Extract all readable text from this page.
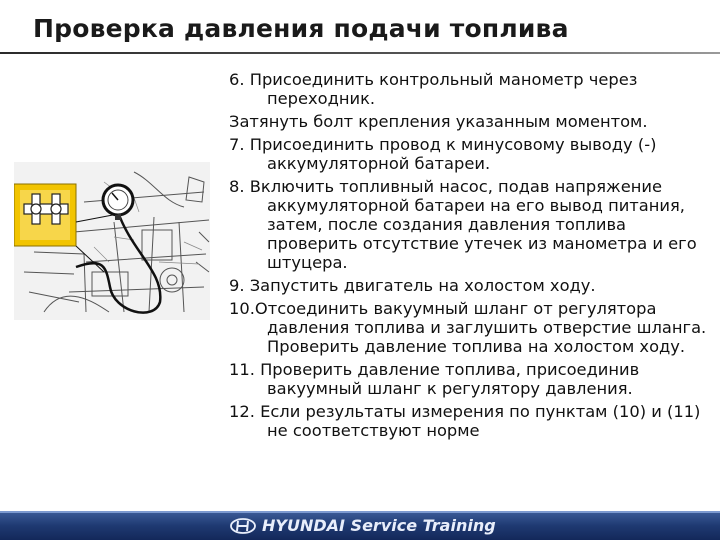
Проверка давления подачи топлива

6. Присоединить контрольный манометр через переходник.

Затянуть болт крепления указанным моментом.

7. Присоединить провод к минусовому выводу (-) аккумуляторной батареи.

8. Включить топливный насос, подав напряжение аккумуляторной батареи на его вывод питания, затем, после создания давления топлива проверить отсутствие утечек из манометра и его штуцера.

9. Запустить двигатель на холостом ходу.

10.Отсоединить вакуумный шланг от регулятора давления топлива и заглушить отверстие шланга. Проверить давление топлива на холостом ходу.

11. Проверить давление топлива, присоединив вакуумный шланг к регулятору давления.

12. Если результаты измерения по пунктам (10) и (11) не соответствуют норме

HYUNDAI Service Training
